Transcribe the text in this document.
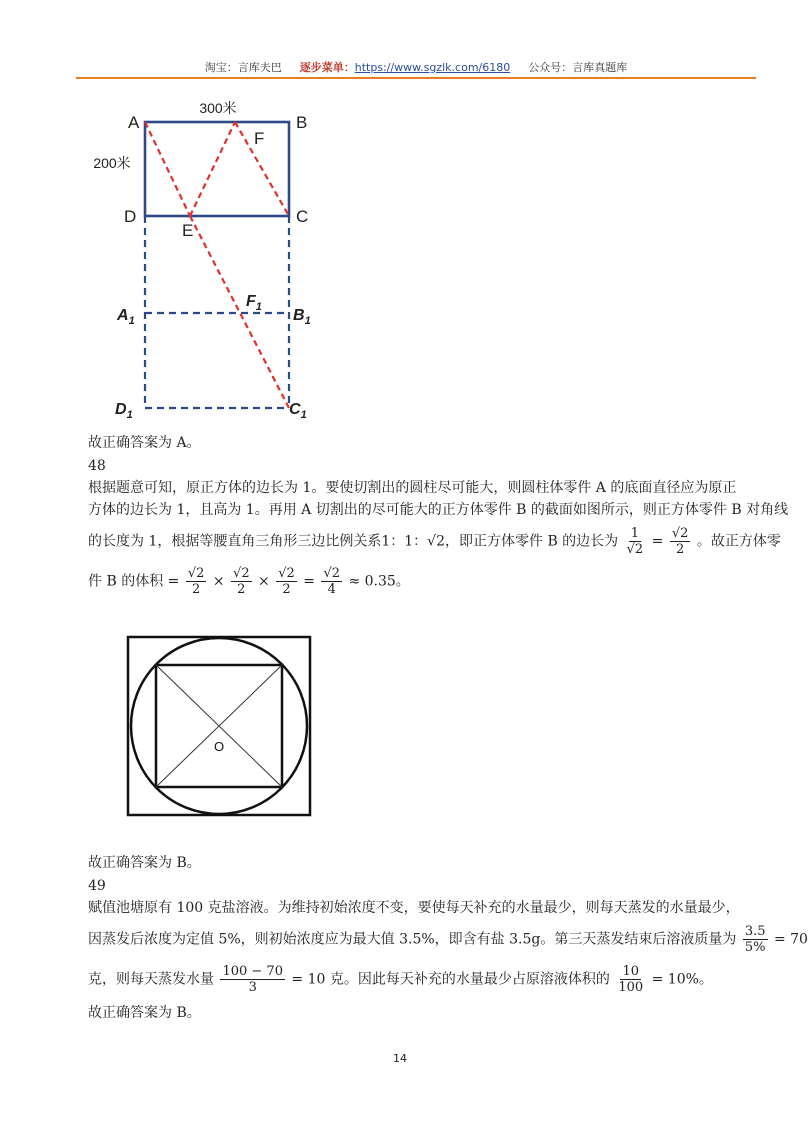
淘宝：言库夫巴 逐步菜单：https://www.sgzlk.com/6180 公众号：言库真题库
300米
200米
A	B
C
D
E
F
$A_1$	$B_1$
$C_1$
$D_1$
$F_1$
故正确答案为 A。
48
根据题意可知，原正方体的边长为 1。要使切割出的圆柱尽可能大，则圆柱体零件 A 的底面直径应为原正
方体的边长为 1，且高为 1。再用 A 切割出的尽可能大的正方体零件 B 的截面如图所示，则正方体零件 B 对角线
的长度为 1，根据等腰直角三角形三边比例关系1：1：√2，即正方体零件 B 的边长为 $\frac{1}{√2} = \frac{√2}{2}$ 。故正方体零
件 B 的体积 = $\frac{√2}{2} \times \frac{√2}{2} \times \frac{√2}{2} = \frac{√2}{4} \approx 0.35$。
O
故正确答案为 B。
49
赋值池塘原有 100 克盐溶液。为维持初始浓度不变，要使每天补充的水量最少，则每天蒸发的水量最少，
因蒸发后浓度为定值 5%，则初始浓度应为最大值 3.5%，即含有盐 3.5g。第三天蒸发结束后溶液质量为 $\frac{3.5}{5\%} = 70$
克，则每天蒸发水量 $\frac{100 - 70}{3} = 10$ 克。因此每天补充的水量最少占原溶液体积的 $\frac{10}{100} = 10\%$。
故正确答案为 B。
14
